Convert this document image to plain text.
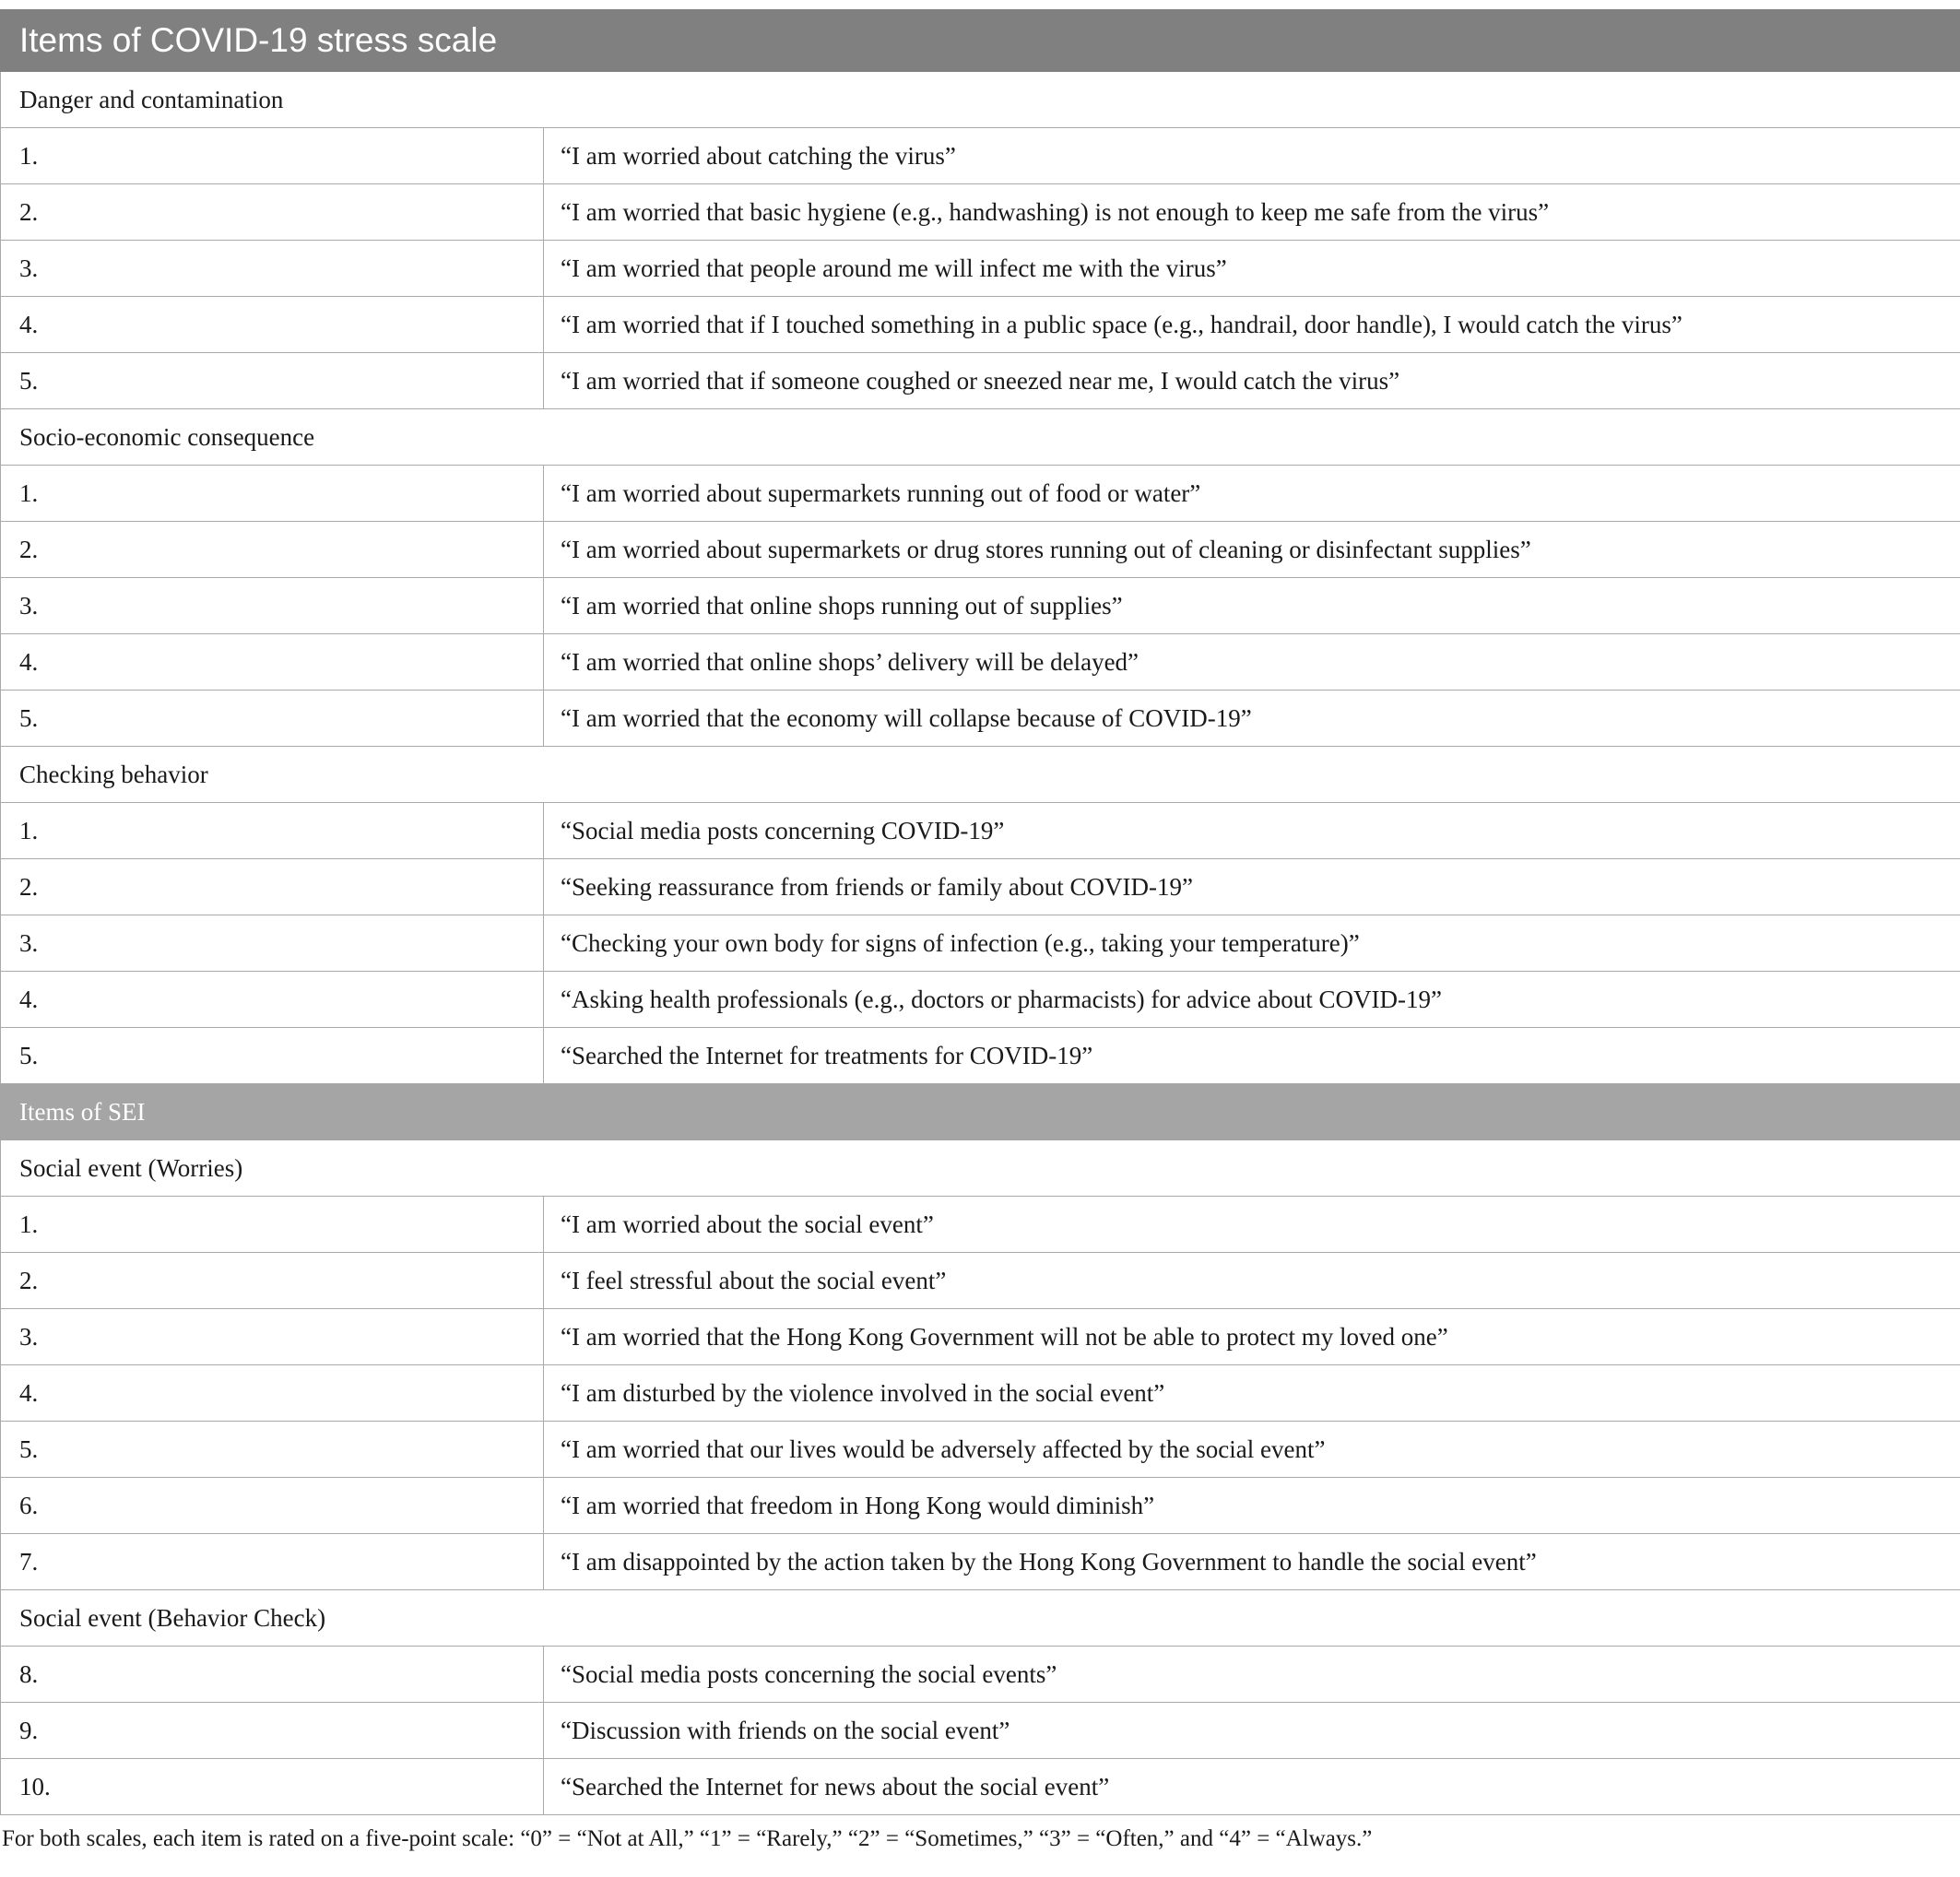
Items of COVID-19 stress scale	
Danger and contamination	
1.	“I am worried about catching the virus”
2.	“I am worried that basic hygiene (e.g., handwashing) is not enough to keep me safe from the virus”
3.	“I am worried that people around me will infect me with the virus”
4.	“I am worried that if I touched something in a public space (e.g., handrail, door handle), I would catch the virus”
5.	“I am worried that if someone coughed or sneezed near me, I would catch the virus”
Socio-economic consequence	
1.	“I am worried about supermarkets running out of food or water”
2.	“I am worried about supermarkets or drug stores running out of cleaning or disinfectant supplies”
3.	“I am worried that online shops running out of supplies”
4.	“I am worried that online shops’ delivery will be delayed”
5.	“I am worried that the economy will collapse because of COVID-19”
Checking behavior	
1.	“Social media posts concerning COVID-19”
2.	“Seeking reassurance from friends or family about COVID-19”
3.	“Checking your own body for signs of infection (e.g., taking your temperature)”
4.	“Asking health professionals (e.g., doctors or pharmacists) for advice about COVID-19”
5.	“Searched the Internet for treatments for COVID-19”
Items of SEI	
Social event (Worries)	
1.	“I am worried about the social event”
2.	“I feel stressful about the social event”
3.	“I am worried that the Hong Kong Government will not be able to protect my loved one”
4.	“I am disturbed by the violence involved in the social event”
5.	“I am worried that our lives would be adversely affected by the social event”
6.	“I am worried that freedom in Hong Kong would diminish”
7.	“I am disappointed by the action taken by the Hong Kong Government to handle the social event”
Social event (Behavior Check)	
8.	“Social media posts concerning the social events”
9.	“Discussion with friends on the social event”
10.	“Searched the Internet for news about the social event”
For both scales, each item is rated on a five-point scale: “0” = “Not at All,” “1” = “Rarely,” “2” = “Sometimes,” “3” = “Often,” and “4” = “Always.”
